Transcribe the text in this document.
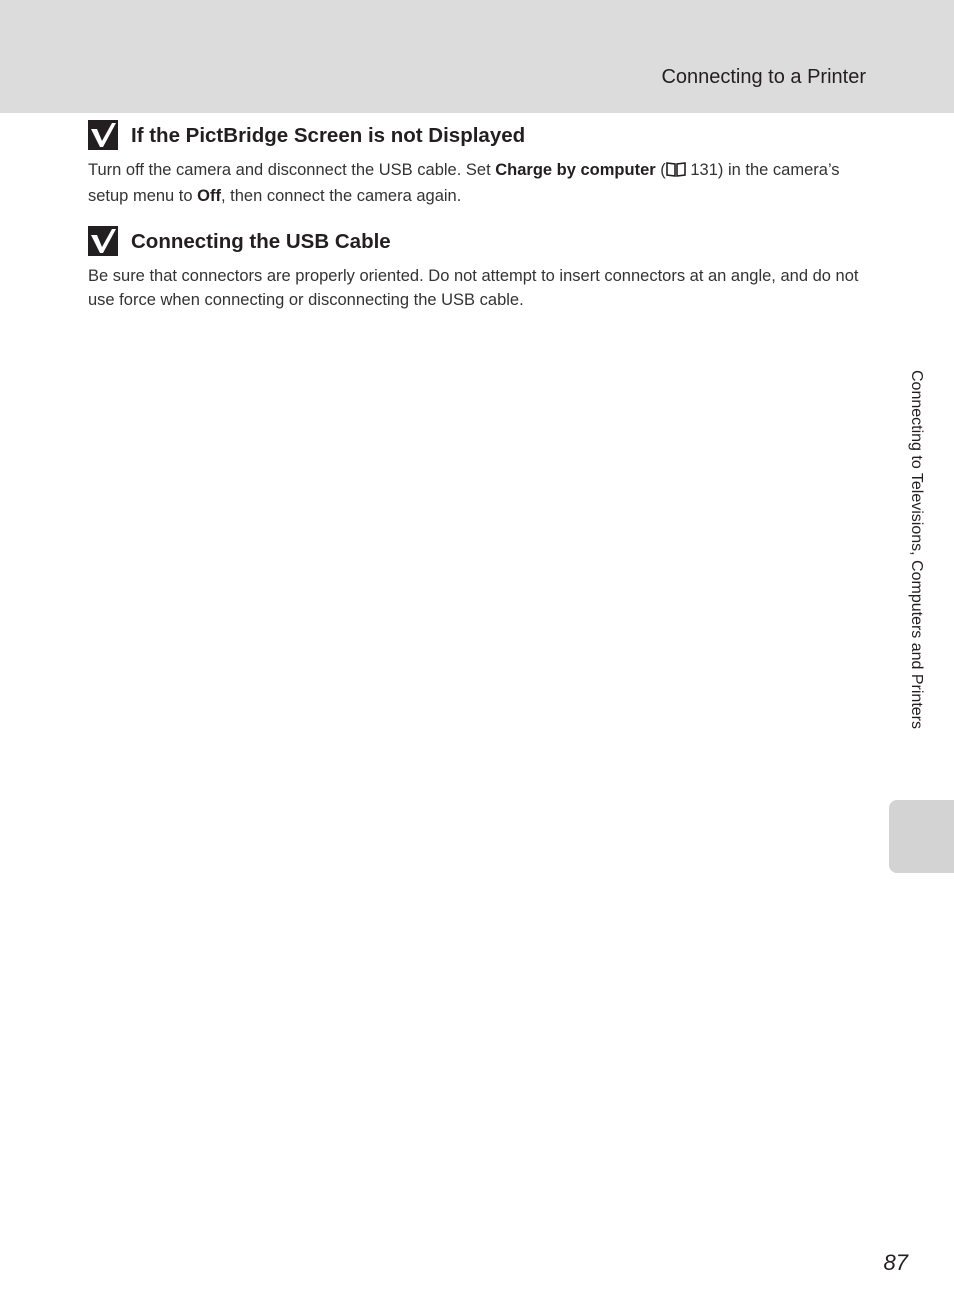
Connecting to a Printer
If the PictBridge Screen is not Displayed

Turn off the camera and disconnect the USB cable. Set Charge by computer ( 131) in the camera’s setup menu to Off, then connect the camera again.

Connecting the USB Cable

Be sure that connectors are properly oriented. Do not attempt to insert connectors at an angle, and do not use force when connecting or disconnecting the USB cable.

Connecting to Televisions, Computers and Printers
87
